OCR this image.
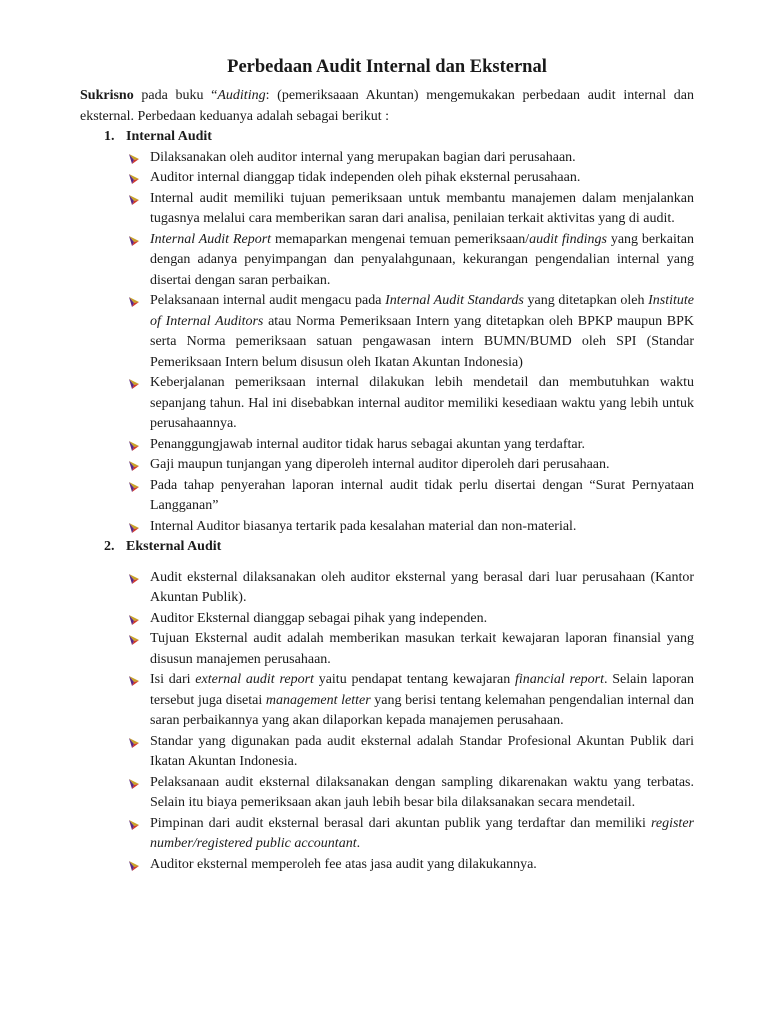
Perbedaan Audit Internal dan Eksternal

Sukrisno pada buku “Auditing: (pemeriksaaan Akuntan) mengemukakan perbedaan audit internal dan eksternal. Perbedaan keduanya adalah sebagai berikut :

1. Internal Audit

Dilaksanakan oleh auditor internal yang merupakan bagian dari perusahaan.
Auditor internal dianggap tidak independen oleh pihak eksternal perusahaan.
Internal audit memiliki tujuan pemeriksaan untuk membantu manajemen dalam menjalankan tugasnya melalui cara memberikan saran dari analisa, penilaian terkait aktivitas yang di audit.
Internal Audit Report memaparkan mengenai temuan pemeriksaan/audit findings yang berkaitan dengan adanya penyimpangan dan penyalahgunaan, kekurangan pengendalian internal yang disertai dengan saran perbaikan.
Pelaksanaan internal audit mengacu pada Internal Audit Standards yang ditetapkan oleh Institute of Internal Auditors atau Norma Pemeriksaan Intern yang ditetapkan oleh BPKP maupun BPK serta Norma pemeriksaan satuan pengawasan intern BUMN/BUMD oleh SPI (Standar Pemeriksaan Intern belum disusun oleh Ikatan Akuntan Indonesia)
Keberjalanan pemeriksaan internal dilakukan lebih mendetail dan membutuhkan waktu sepanjang tahun. Hal ini disebabkan internal auditor memiliki kesediaan waktu yang lebih untuk perusahaannya.
Penanggungjawab internal auditor tidak harus sebagai akuntan yang terdaftar.
Gaji maupun tunjangan yang diperoleh internal auditor diperoleh dari perusahaan.
Pada tahap penyerahan laporan internal audit tidak perlu disertai dengan “Surat Pernyataan Langganan”
Internal Auditor biasanya tertarik pada kesalahan material dan non-material.

2. Eksternal Audit

Audit eksternal dilaksanakan oleh auditor eksternal yang berasal dari luar perusahaan (Kantor Akuntan Publik).
Auditor Eksternal dianggap sebagai pihak yang independen.
Tujuan Eksternal audit adalah memberikan masukan terkait kewajaran laporan finansial yang disusun manajemen perusahaan.
Isi dari external audit report yaitu pendapat tentang kewajaran financial report. Selain laporan tersebut juga disetai management letter yang berisi tentang kelemahan pengendalian internal dan saran perbaikannya yang akan dilaporkan kepada manajemen perusahaan.
Standar yang digunakan pada audit eksternal adalah Standar Profesional Akuntan Publik dari Ikatan Akuntan Indonesia.
Pelaksanaan audit eksternal dilaksanakan dengan sampling dikarenakan waktu yang terbatas. Selain itu biaya pemeriksaan akan jauh lebih besar bila dilaksanakan secara mendetail.
Pimpinan dari audit eksternal berasal dari akuntan publik yang terdaftar dan memiliki register number/registered public accountant.
Auditor eksternal memperoleh fee atas jasa audit yang dilakukannya.
